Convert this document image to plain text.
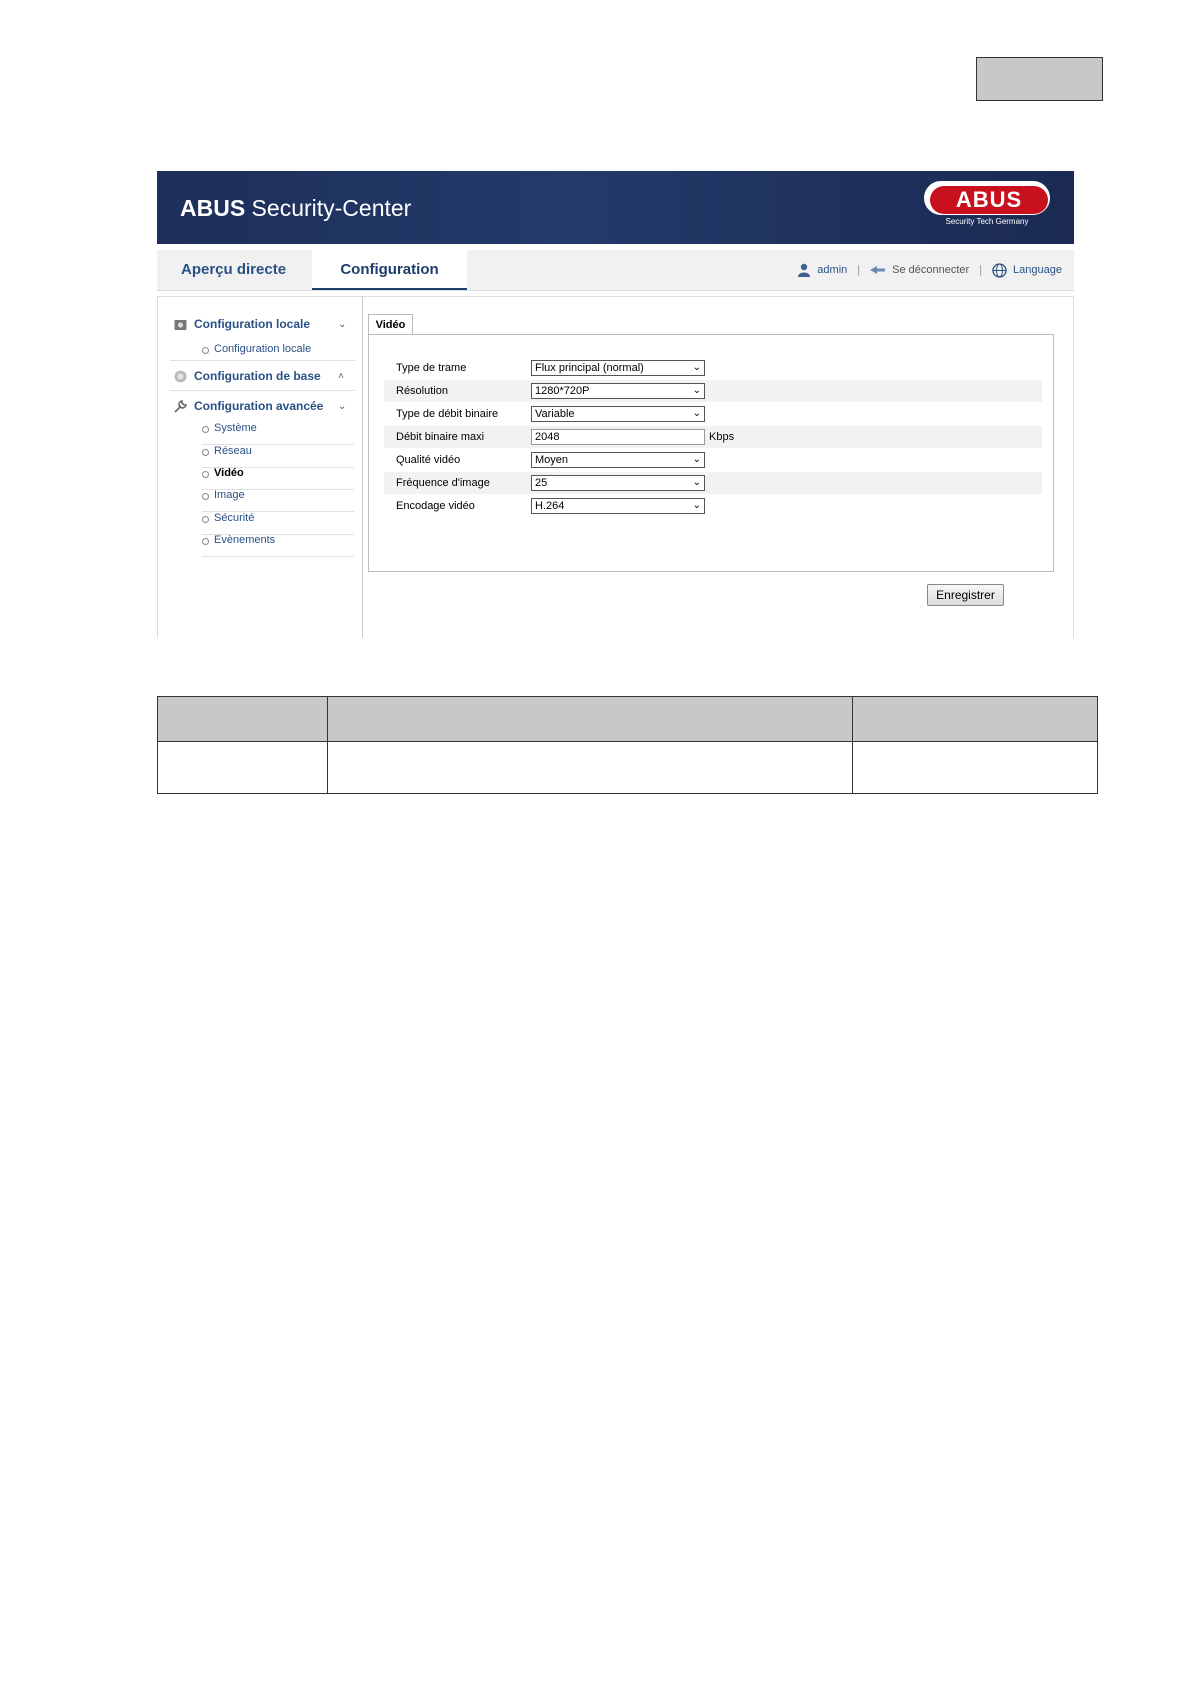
ABUS Security-Center	ABUS
Security Tech Germany
Aperçu directe	Configuration	admin |	Se déconnecter |	Language
Configuration locale	⌄
Configuration locale
Configuration de base ˄
Configuration avancée ⌄
Système
Réseau
Vidéo
Image
Sécurité
Evènements
Vidéo
Type de trame	Flux principal (normal)	⌄
Résolution	1280*720P	⌄
Type de débit binaire	Variable	⌄
Débit binaire maxi	2048	Kbps
Qualité vidéo	Moyen	⌄
Fréquence d'image	25	⌄
Encodage vidéo	H.264	⌄
Enregistrer
